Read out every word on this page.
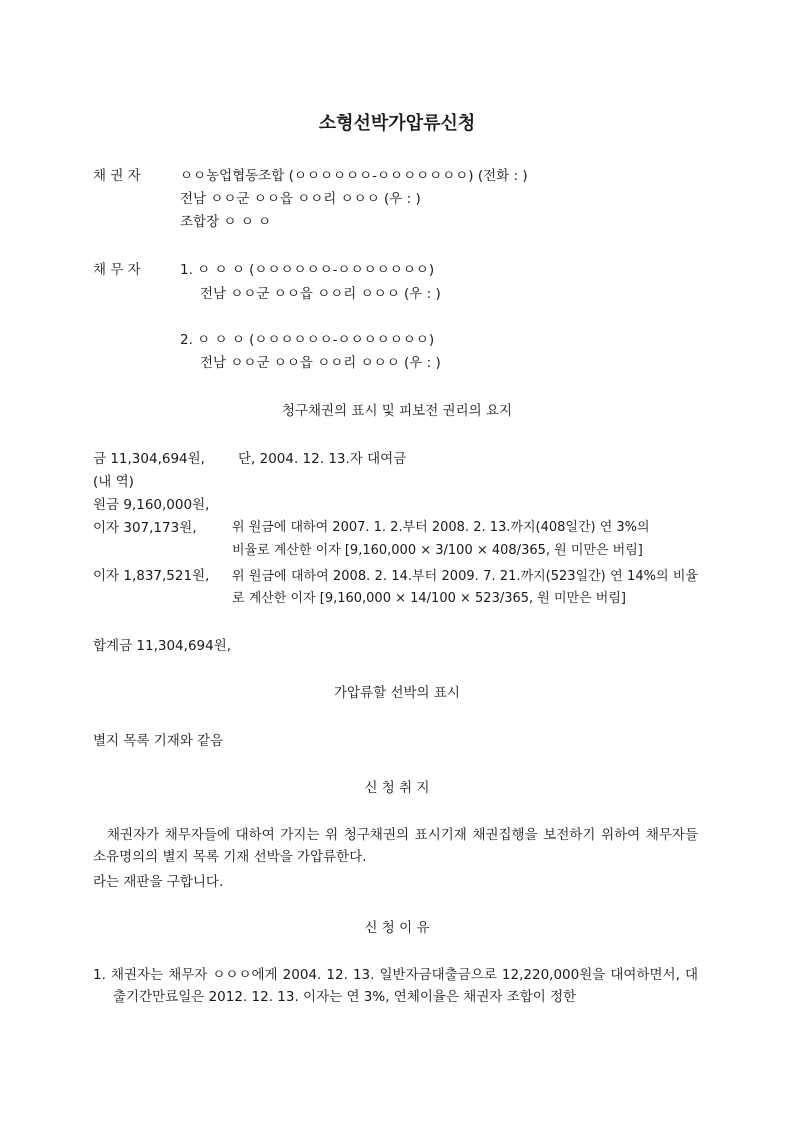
소형선박가압류신청
채 권 자	ㅇㅇ농업협동조합 (ㅇㅇㅇㅇㅇㅇ-ㅇㅇㅇㅇㅇㅇㅇ) (전화 : )
전남 ㅇㅇ군 ㅇㅇ읍 ㅇㅇ리 ㅇㅇㅇ (우 : )
조합장 ㅇ ㅇ ㅇ
채 무 자	1. ㅇ ㅇ ㅇ (ㅇㅇㅇㅇㅇㅇ-ㅇㅇㅇㅇㅇㅇㅇ)
전남 ㅇㅇ군 ㅇㅇ읍 ㅇㅇ리 ㅇㅇㅇ (우 : )
2. ㅇ ㅇ ㅇ (ㅇㅇㅇㅇㅇㅇ-ㅇㅇㅇㅇㅇㅇㅇ)
전남 ㅇㅇ군 ㅇㅇ읍 ㅇㅇ리 ㅇㅇㅇ (우 : )
청구채권의 표시 및 피보전 권리의 요지
금 11,304,694원, 단, 2004. 12. 13.자 대여금
(내 역)
원금 9,160,000원,
이자 307,173원,	위 원금에 대하여 2007. 1. 2.부터 2008. 2. 13.까지(408일간) 연 3%의
비율로 계산한 이자 [9,160,000 × 3/100 × 408/365, 원 미만은 버림]
이자 1,837,521원, 위 원금에 대하여 2008. 2. 14.부터 2009. 7. 21.까지(523일간) 연 14%의 비율로 계산한 이자 [9,160,000 × 14/100 × 523/365, 원 미만은 버림]
합계금 11,304,694원,
가압류할 선박의 표시
별지 목록 기재와 같음
신 청 취 지
채권자가 채무자들에 대하여 가지는 위 청구채권의 표시기재 채권집행을 보전하기 위하여 채무자들 소유명의의 별지 목록 기재 선박을 가압류한다.
라는 재판을 구합니다.
신 청 이 유
1. 채권자는 채무자 ㅇㅇㅇ에게 2004. 12. 13. 일반자금대출금으로 12,220,000원을 대여하면서, 대출기간만료일은 2012. 12. 13. 이자는 연 3%, 연체이율은 채권자 조합이 정한
